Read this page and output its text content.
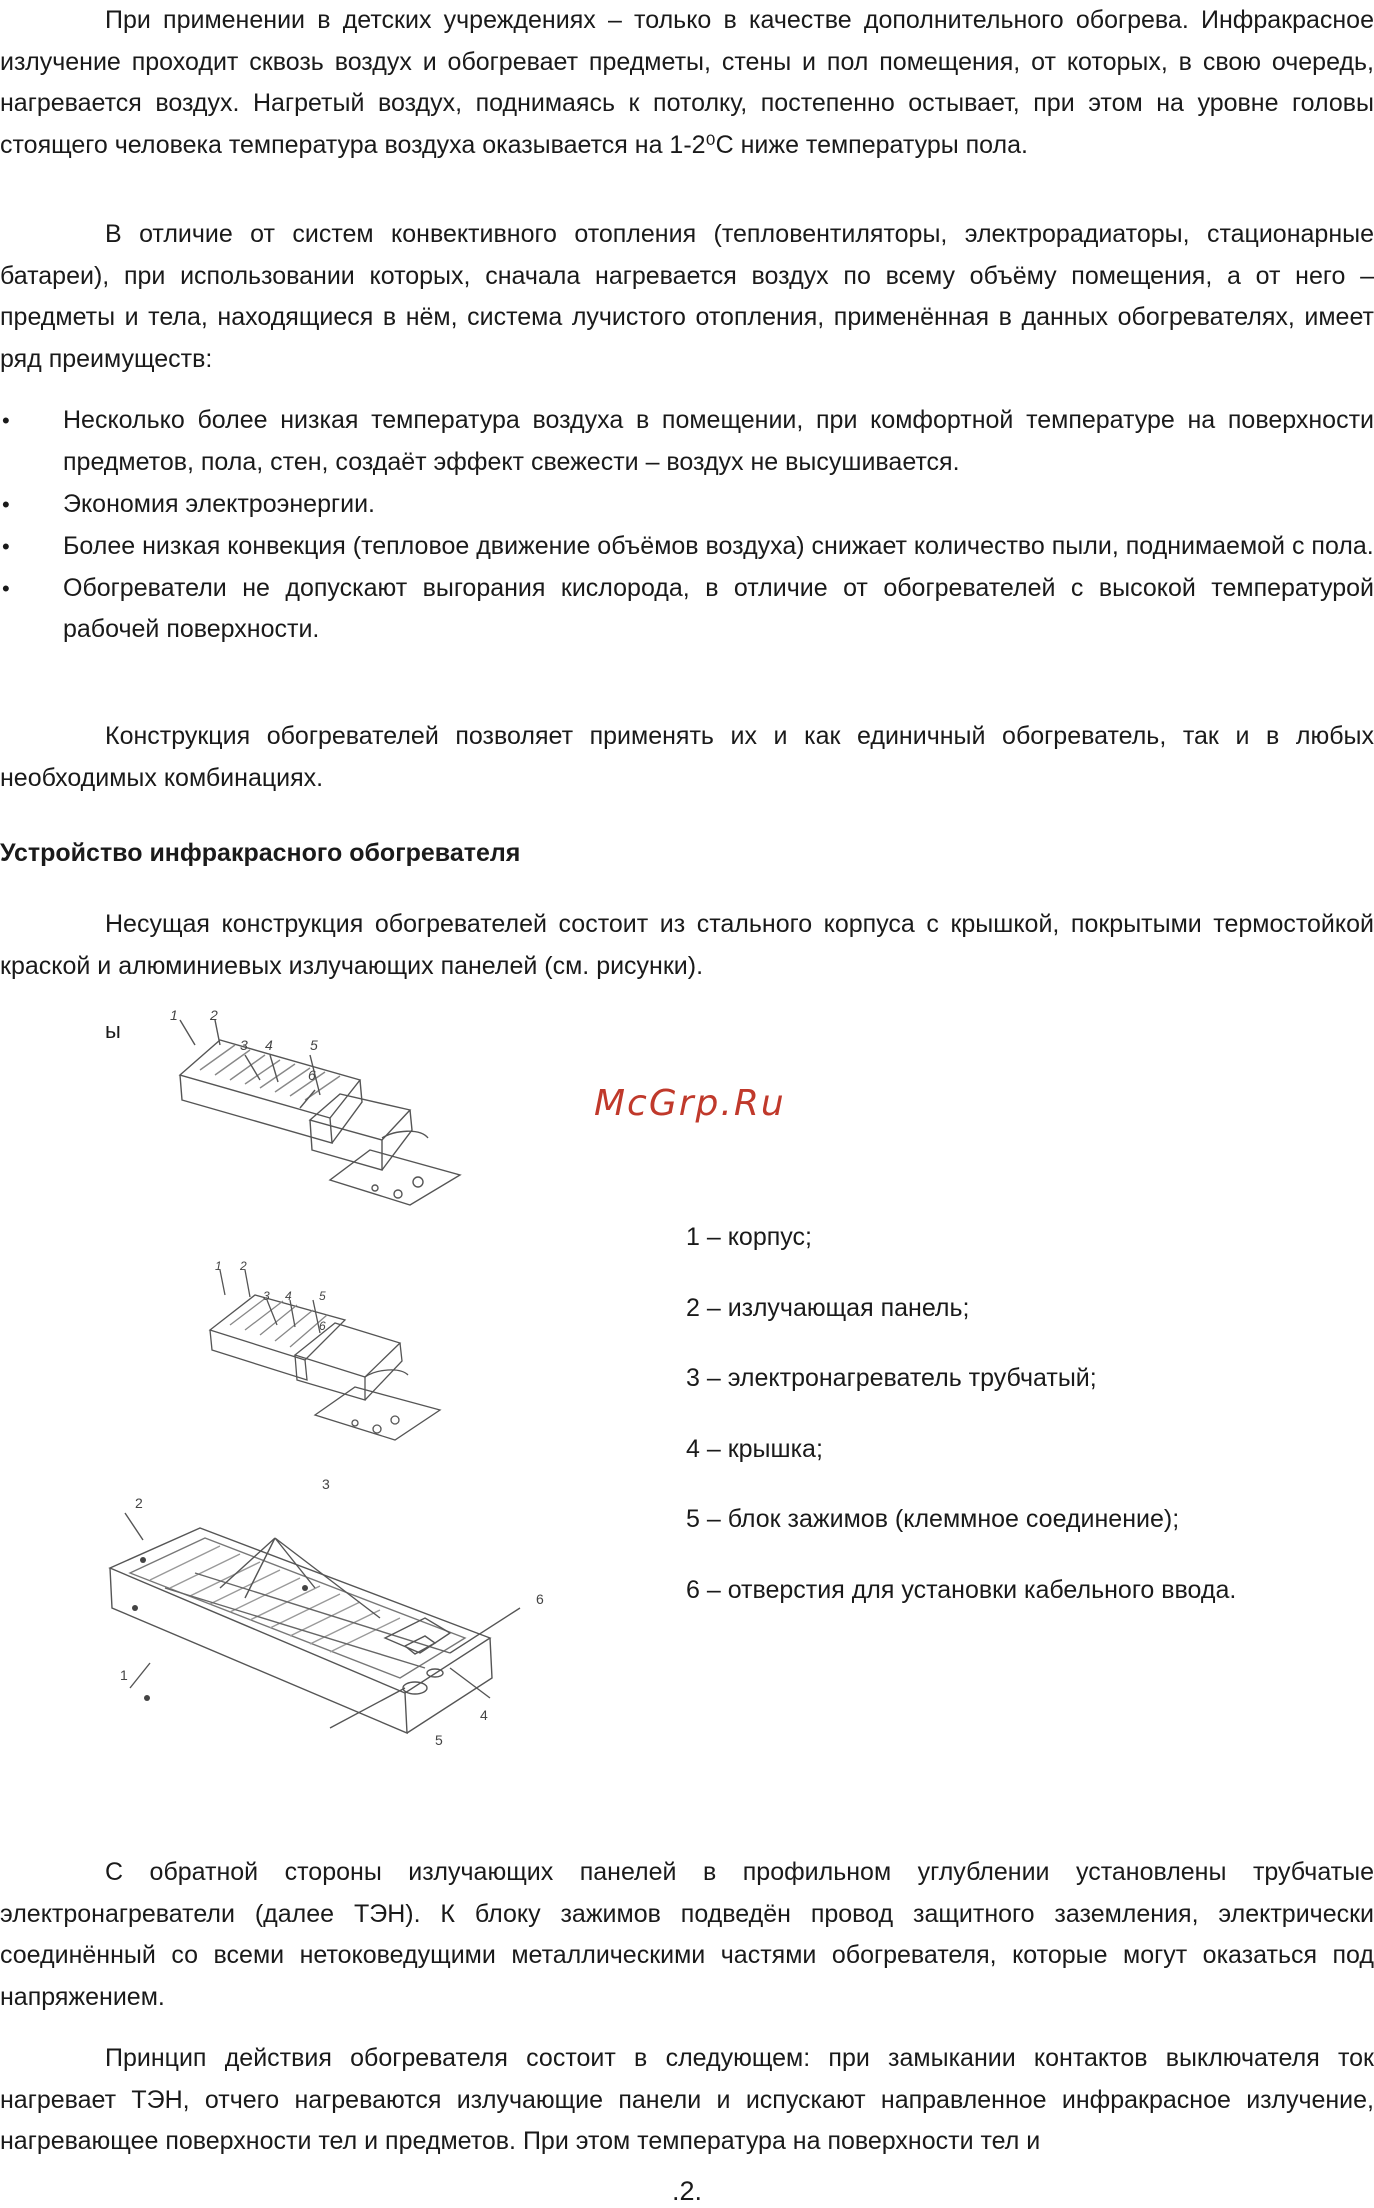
При применении в детских учреждениях – только в качестве дополнительного обогрева. Инфракрасное излучение проходит сквозь воздух и обогревает предметы, стены и пол помещения, от которых, в свою очередь, нагревается воздух. Нагретый воздух, поднимаясь к потолку, постепенно остывает, при этом на уровне головы стоящего человека температура воздуха оказывается на 1-2⁰С ниже температуры пола.

В отличие от систем конвективного отопления (тепловентиляторы, электрорадиаторы, стационарные батареи), при использовании которых, сначала нагревается воздух по всему объёму помещения, а от него – предметы и тела, находящиеся в нём, система лучистого отопления, применённая в данных обогревателях, имеет ряд преимуществ:

• Несколько более низкая температура воздуха в помещении, при комфортной температуре на поверхности предметов, пола, стен, создаёт эффект свежести – воздух не высушивается.
• Экономия электроэнергии.
• Более низкая конвекция (тепловое движение объёмов воздуха) снижает количество пыли, поднимаемой с пола.
• Обогреватели не допускают выгорания кислорода, в отличие от обогревателей с высокой температурой рабочей поверхности.

Конструкция обогревателей позволяет применять их и как единичный обогреватель, так и в любых необходимых комбинациях.

Устройство инфракрасного обогревателя

Несущая конструкция обогревателей состоит из стального корпуса с крышкой, покрытыми термостойкой краской и алюминиевых излучающих панелей (см. рисунки).

ы
McGrp.Ru
1 2
3 4	5
6
1 2
3 4 5
6
1
2
3
4
5
6
1 – корпус;
2 – излучающая панель;
3 – электронагреватель трубчатый;
4 – крышка;
5 – блок зажимов (клеммное соединение);
6 – отверстия для установки кабельного ввода.

С обратной стороны излучающих панелей в профильном углублении установлены трубчатые электронагреватели (далее ТЭН). К блоку зажимов подведён провод защитного заземления, электрически соединённый со всеми нетоковедущими металлическими частями обогревателя, которые могут оказаться под напряжением.

Принцип действия обогревателя состоит в следующем: при замыкании контактов выключателя ток нагревает ТЭН, отчего нагреваются излучающие панели и испускают направленное инфракрасное излучение, нагревающее поверхности тел и предметов. При этом температура на поверхности тел и

.2.
